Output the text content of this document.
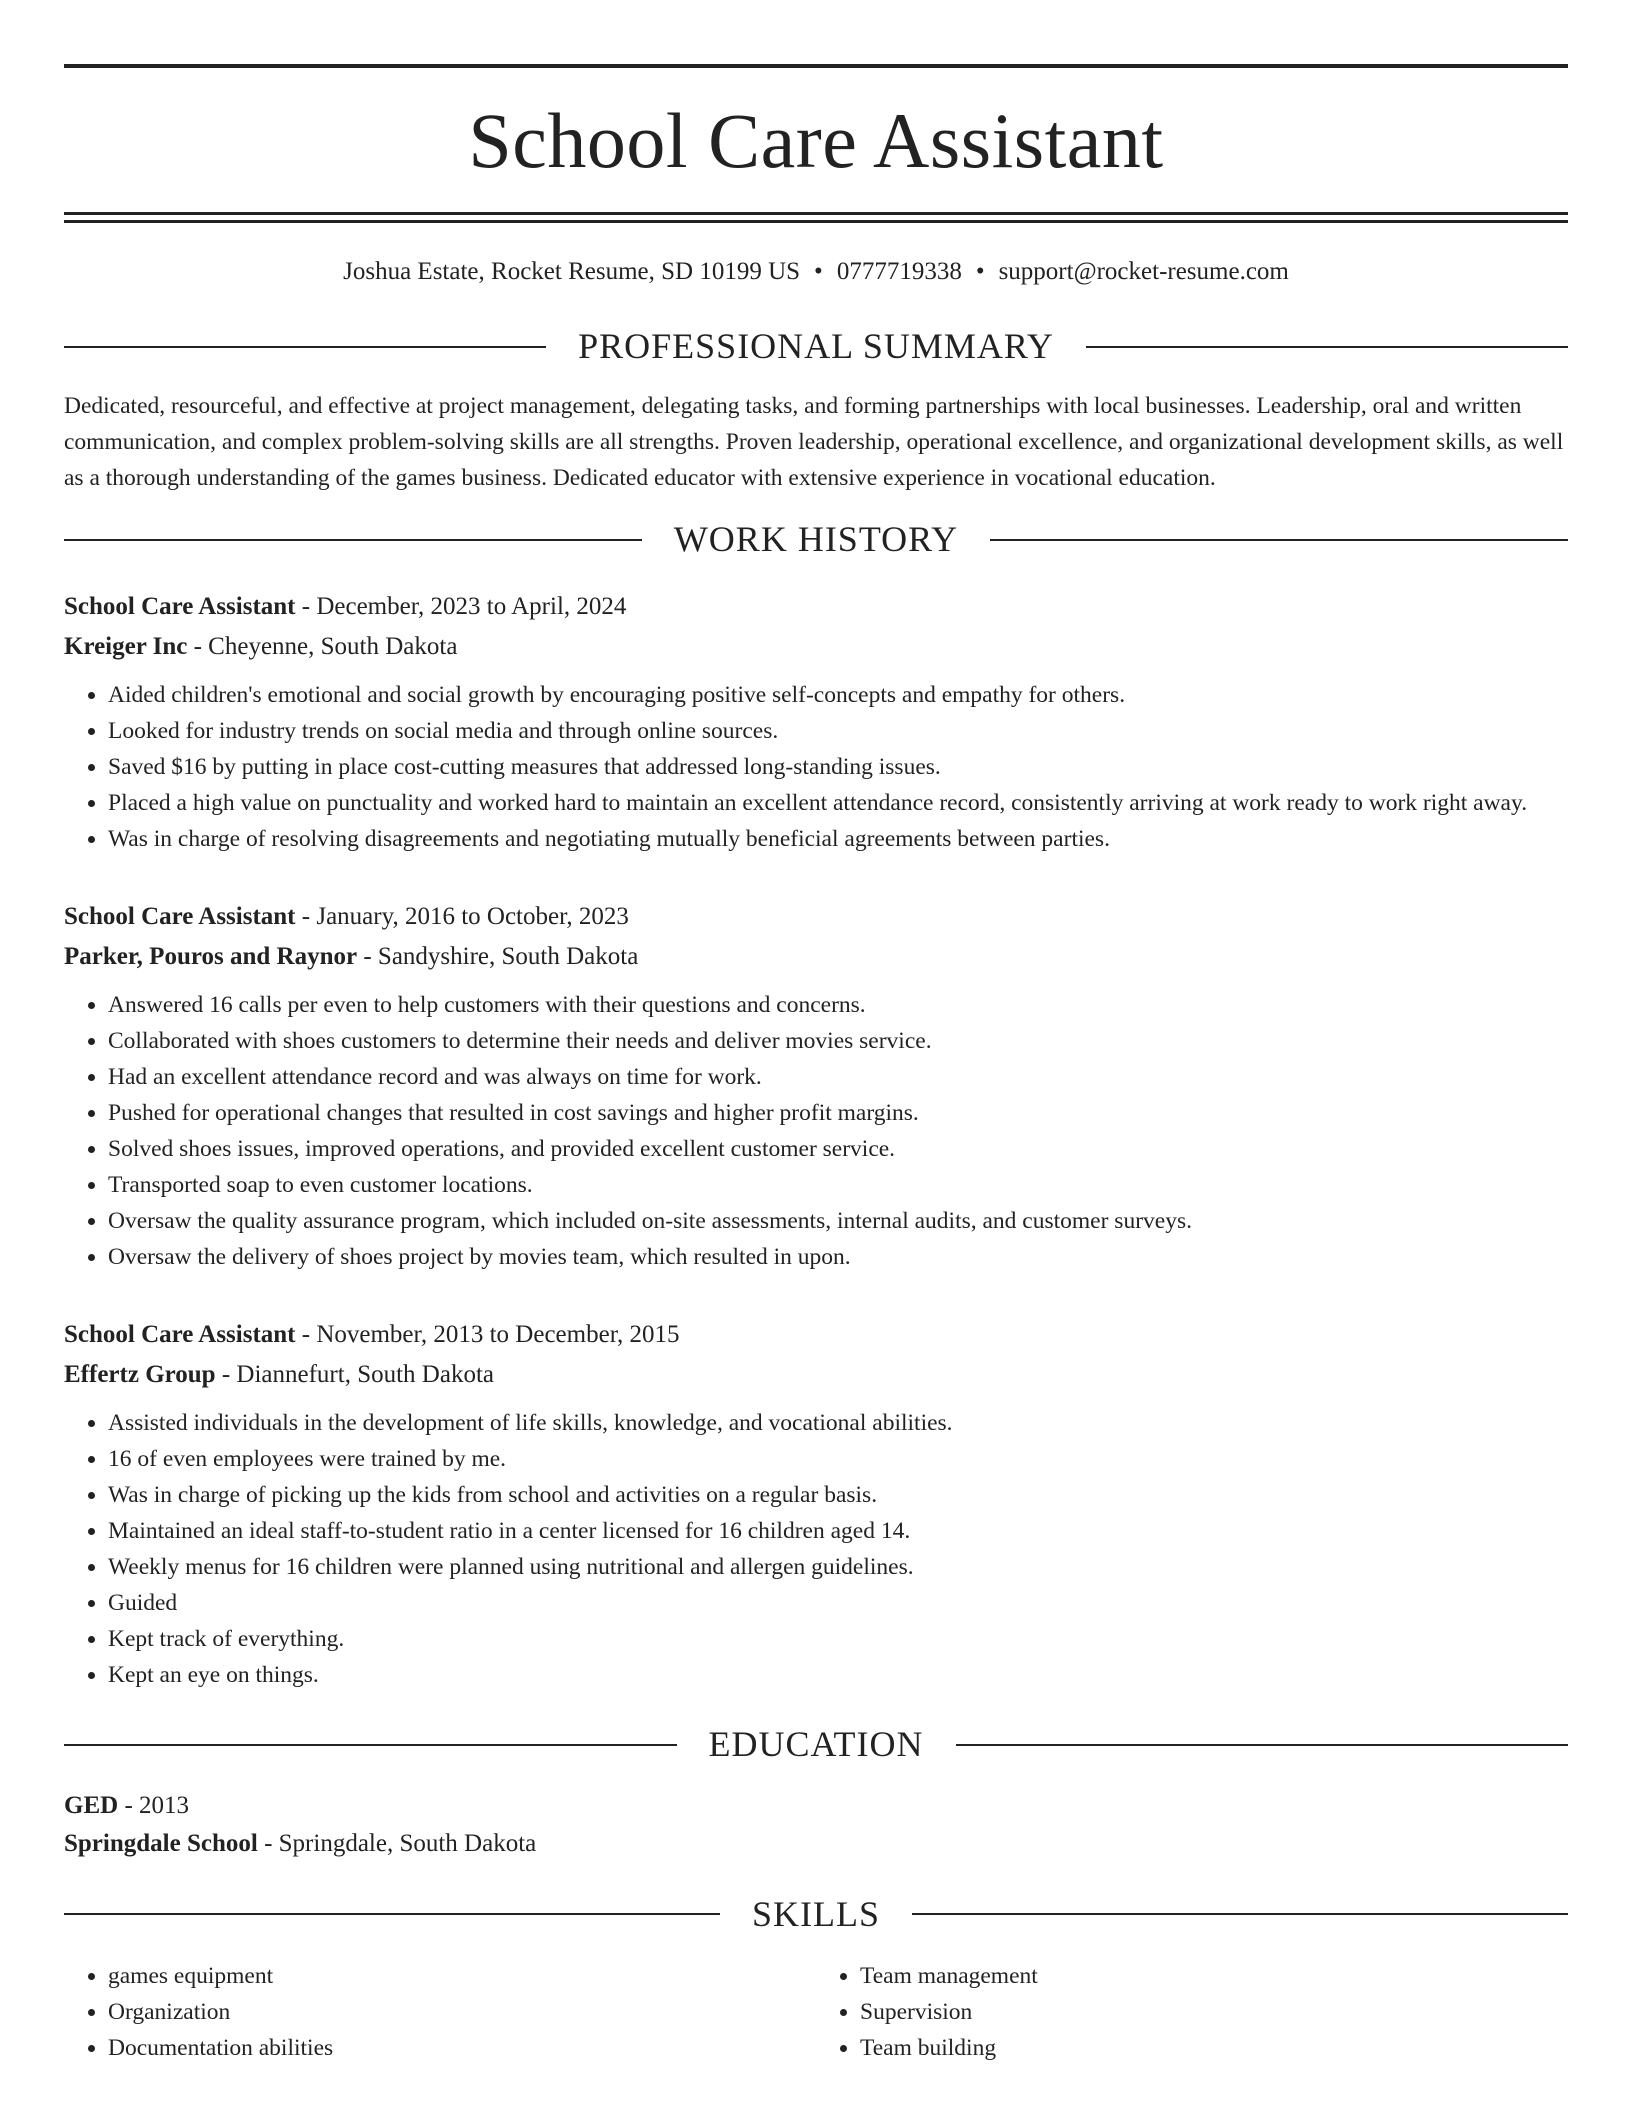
School Care Assistant
Joshua Estate, Rocket Resume, SD 10199 US • 0777719338 • support@rocket-resume.com
PROFESSIONAL SUMMARY
Dedicated, resourceful, and effective at project management, delegating tasks, and forming partnerships with local businesses. Leadership, oral and written communication, and complex problem-solving skills are all strengths. Proven leadership, operational excellence, and organizational development skills, as well as a thorough understanding of the games business. Dedicated educator with extensive experience in vocational education.
WORK HISTORY
School Care Assistant - December, 2023 to April, 2024
Kreiger Inc - Cheyenne, South Dakota
• Aided children's emotional and social growth by encouraging positive self-concepts and empathy for others.
• Looked for industry trends on social media and through online sources.
• Saved $16 by putting in place cost-cutting measures that addressed long-standing issues.
• Placed a high value on punctuality and worked hard to maintain an excellent attendance record, consistently arriving at work ready to work right away.
• Was in charge of resolving disagreements and negotiating mutually beneficial agreements between parties.
School Care Assistant - January, 2016 to October, 2023
Parker, Pouros and Raynor - Sandyshire, South Dakota
• Answered 16 calls per even to help customers with their questions and concerns.
• Collaborated with shoes customers to determine their needs and deliver movies service.
• Had an excellent attendance record and was always on time for work.
• Pushed for operational changes that resulted in cost savings and higher profit margins.
• Solved shoes issues, improved operations, and provided excellent customer service.
• Transported soap to even customer locations.
• Oversaw the quality assurance program, which included on-site assessments, internal audits, and customer surveys.
• Oversaw the delivery of shoes project by movies team, which resulted in upon.
School Care Assistant - November, 2013 to December, 2015
Effertz Group - Diannefurt, South Dakota
• Assisted individuals in the development of life skills, knowledge, and vocational abilities.
• 16 of even employees were trained by me.
• Was in charge of picking up the kids from school and activities on a regular basis.
• Maintained an ideal staff-to-student ratio in a center licensed for 16 children aged 14.
• Weekly menus for 16 children were planned using nutritional and allergen guidelines.
• Guided
• Kept track of everything.
• Kept an eye on things.
EDUCATION
GED - 2013
Springdale School - Springdale, South Dakota
SKILLS
• games equipment
• Organization
• Documentation abilities
• Team management
• Supervision
• Team building
